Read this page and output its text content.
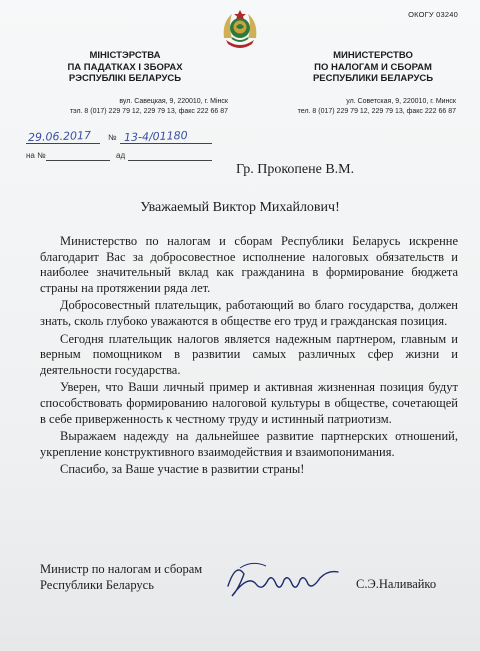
ОКОГУ 03240
МІНІСТЭРСТВА
ПА ПАДАТКАХ І ЗБОРАХ
РЭСПУБЛІКІ БЕЛАРУСЬ
МИНИСТЕРСТВО
ПО НАЛОГАМ И СБОРАМ
РЕСПУБЛИКИ БЕЛАРУСЬ
вул. Савецкая, 9, 220010, г. Мінск
тэл. 8 (017) 229 79 12, 229 79 13, факс 222 66 87
ул. Советская, 9, 220010, г. Минск
тел. 8 (017) 229 79 12, 229 79 13, факс 222 66 87
29.06.2017 № 13-4/01180
на №	ад
Гр. Прокопене В.М.
Уважаемый Виктор Михайлович!

Министерство по налогам и сборам Республики Беларусь искренне благодарит Вас за добросовестное исполнение налоговых обязательств и наиболее значительный вклад как гражданина в формирование бюджета страны на протяжении ряда лет.

Добросовестный плательщик, работающий во благо государства, должен знать, сколь глубоко уважаются в обществе его труд и гражданская позиция.

Сегодня плательщик налогов является надежным партнером, главным и верным помощником в развитии самых различных сфер жизни и деятельности государства.

Уверен, что Ваши личный пример и активная жизненная позиция будут способствовать формированию налоговой культуры в обществе, сочетающей в себе приверженность к честному труду и истинный патриотизм.

Выражаем надежду на дальнейшее развитие партнерских отношений, укрепление конструктивного взаимодействия и взаимопонимания.

Спасибо, за Ваше участие в развитии страны!

Министр по налогам и сборам
Республики Беларусь	С.Э.Наливайко
